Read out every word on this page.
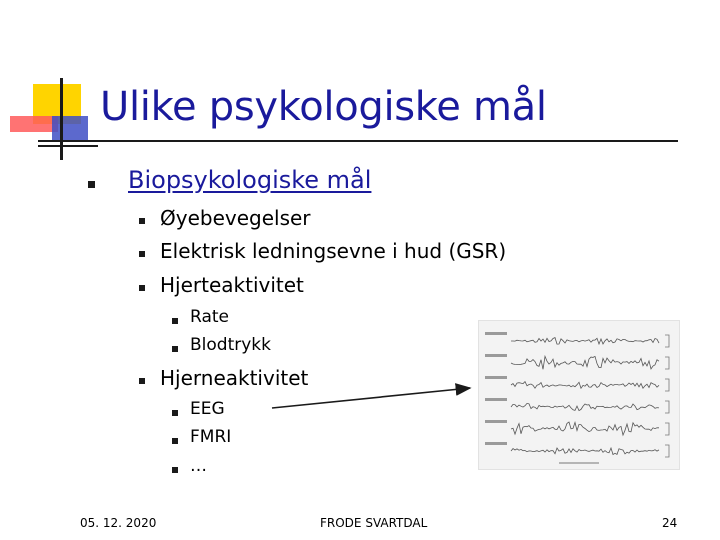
Ulike psykologiske mål
Biopsykologiske mål
Øyebevegelser
Elektrisk ledningsevne i hud (GSR)
Hjerteaktivitet
Rate
Blodtrykk
Hjerneaktivitet
EEG
FMRI
…
05. 12. 2020	FRODE SVARTDAL	24
